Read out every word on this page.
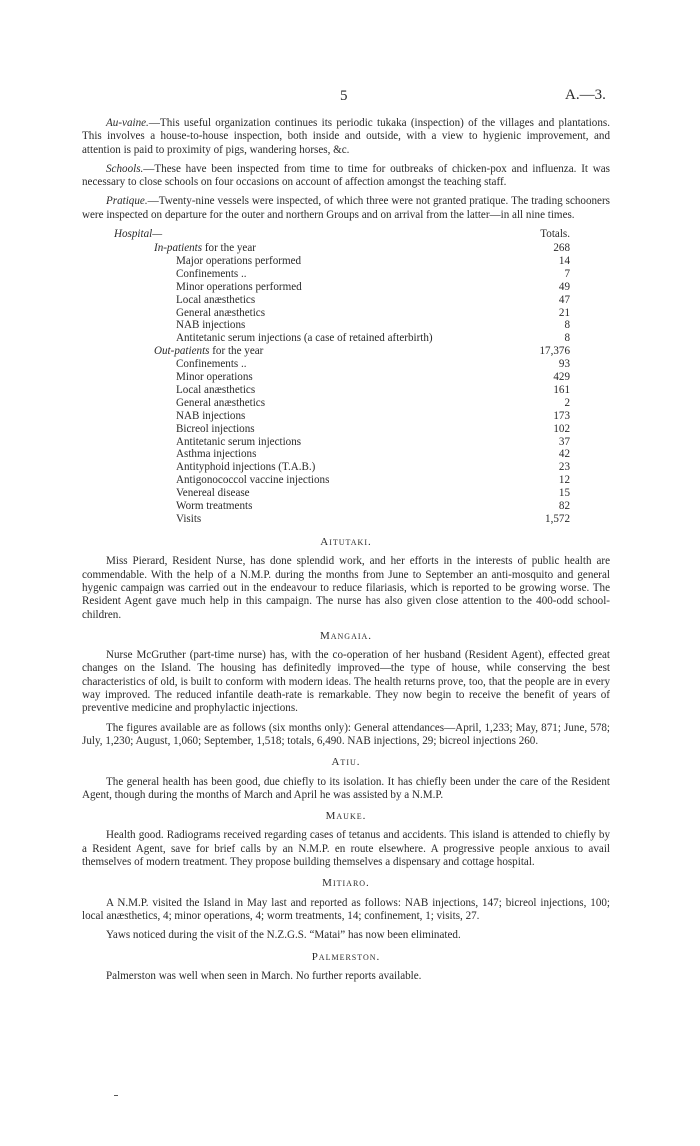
5	A.—3.

Au-vaine.—This useful organization continues its periodic tukaka (inspection) of the villages and plantations. This involves a house-to-house inspection, both inside and outside, with a view to hygienic improvement, and attention is paid to proximity of pigs, wandering horses, &c.

Schools.—These have been inspected from time to time for outbreaks of chicken-pox and influenza. It was necessary to close schools on four occasions on account of affection amongst the teaching staff.

Pratique.—Twenty-nine vessels were inspected, of which three were not granted pratique. The trading schooners were inspected on departure for the outer and northern Groups and on arrival from the latter—in all nine times.

Hospital—	Totals.
In-patients for the year	268
Major operations performed	14
Confinements ..	7
Minor operations performed	49
Local anæsthetics	47
General anæsthetics	21
NAB injections	8
Antitetanic serum injections (a case of retained afterbirth)	8
Out-patients for the year	17,376
Confinements ..	93
Minor operations	429
Local anæsthetics	161
General anæsthetics	2
NAB injections	173
Bicreol injections	102
Antitetanic serum injections	37
Asthma injections	42
Antityphoid injections (T.A.B.)	23
Antigonococcol vaccine injections	12
Venereal disease	15
Worm treatments	82
Visits	1,572
Aitutaki.

Miss Pierard, Resident Nurse, has done splendid work, and her efforts in the interests of public health are commendable. With the help of a N.M.P. during the months from June to September an anti-mosquito and general hygenic campaign was carried out in the endeavour to reduce filariasis, which is reported to be growing worse. The Resident Agent gave much help in this campaign. The nurse has also given close attention to the 400-odd school-children.

Mangaia.

Nurse McGruther (part-time nurse) has, with the co-operation of her husband (Resident Agent), effected great changes on the Island. The housing has definitedly improved—the type of house, while conserving the best characteristics of old, is built to conform with modern ideas. The health returns prove, too, that the people are in every way improved. The reduced infantile death-rate is remarkable. They now begin to receive the benefit of years of preventive medicine and prophylactic injections.

The figures available are as follows (six months only): General attendances—April, 1,233; May, 871; June, 578; July, 1,230; August, 1,060; September, 1,518; totals, 6,490. NAB injections, 29; bicreol injections 260.

Atiu.

The general health has been good, due chiefly to its isolation. It has chiefly been under the care of the Resident Agent, though during the months of March and April he was assisted by a N.M.P.

Mauke.

Health good. Radiograms received regarding cases of tetanus and accidents. This island is attended to chiefly by a Resident Agent, save for brief calls by an N.M.P. en route elsewhere. A progressive people anxious to avail themselves of modern treatment. They propose building themselves a dispensary and cottage hospital.

Mitiaro.

A N.M.P. visited the Island in May last and reported as follows: NAB injections, 147; bicreol injections, 100; local anæsthetics, 4; minor operations, 4; worm treatments, 14; confinement, 1; visits, 27.

Yaws noticed during the visit of the N.Z.G.S. “Matai” has now been eliminated.

Palmerston.

Palmerston was well when seen in March. No further reports available.
